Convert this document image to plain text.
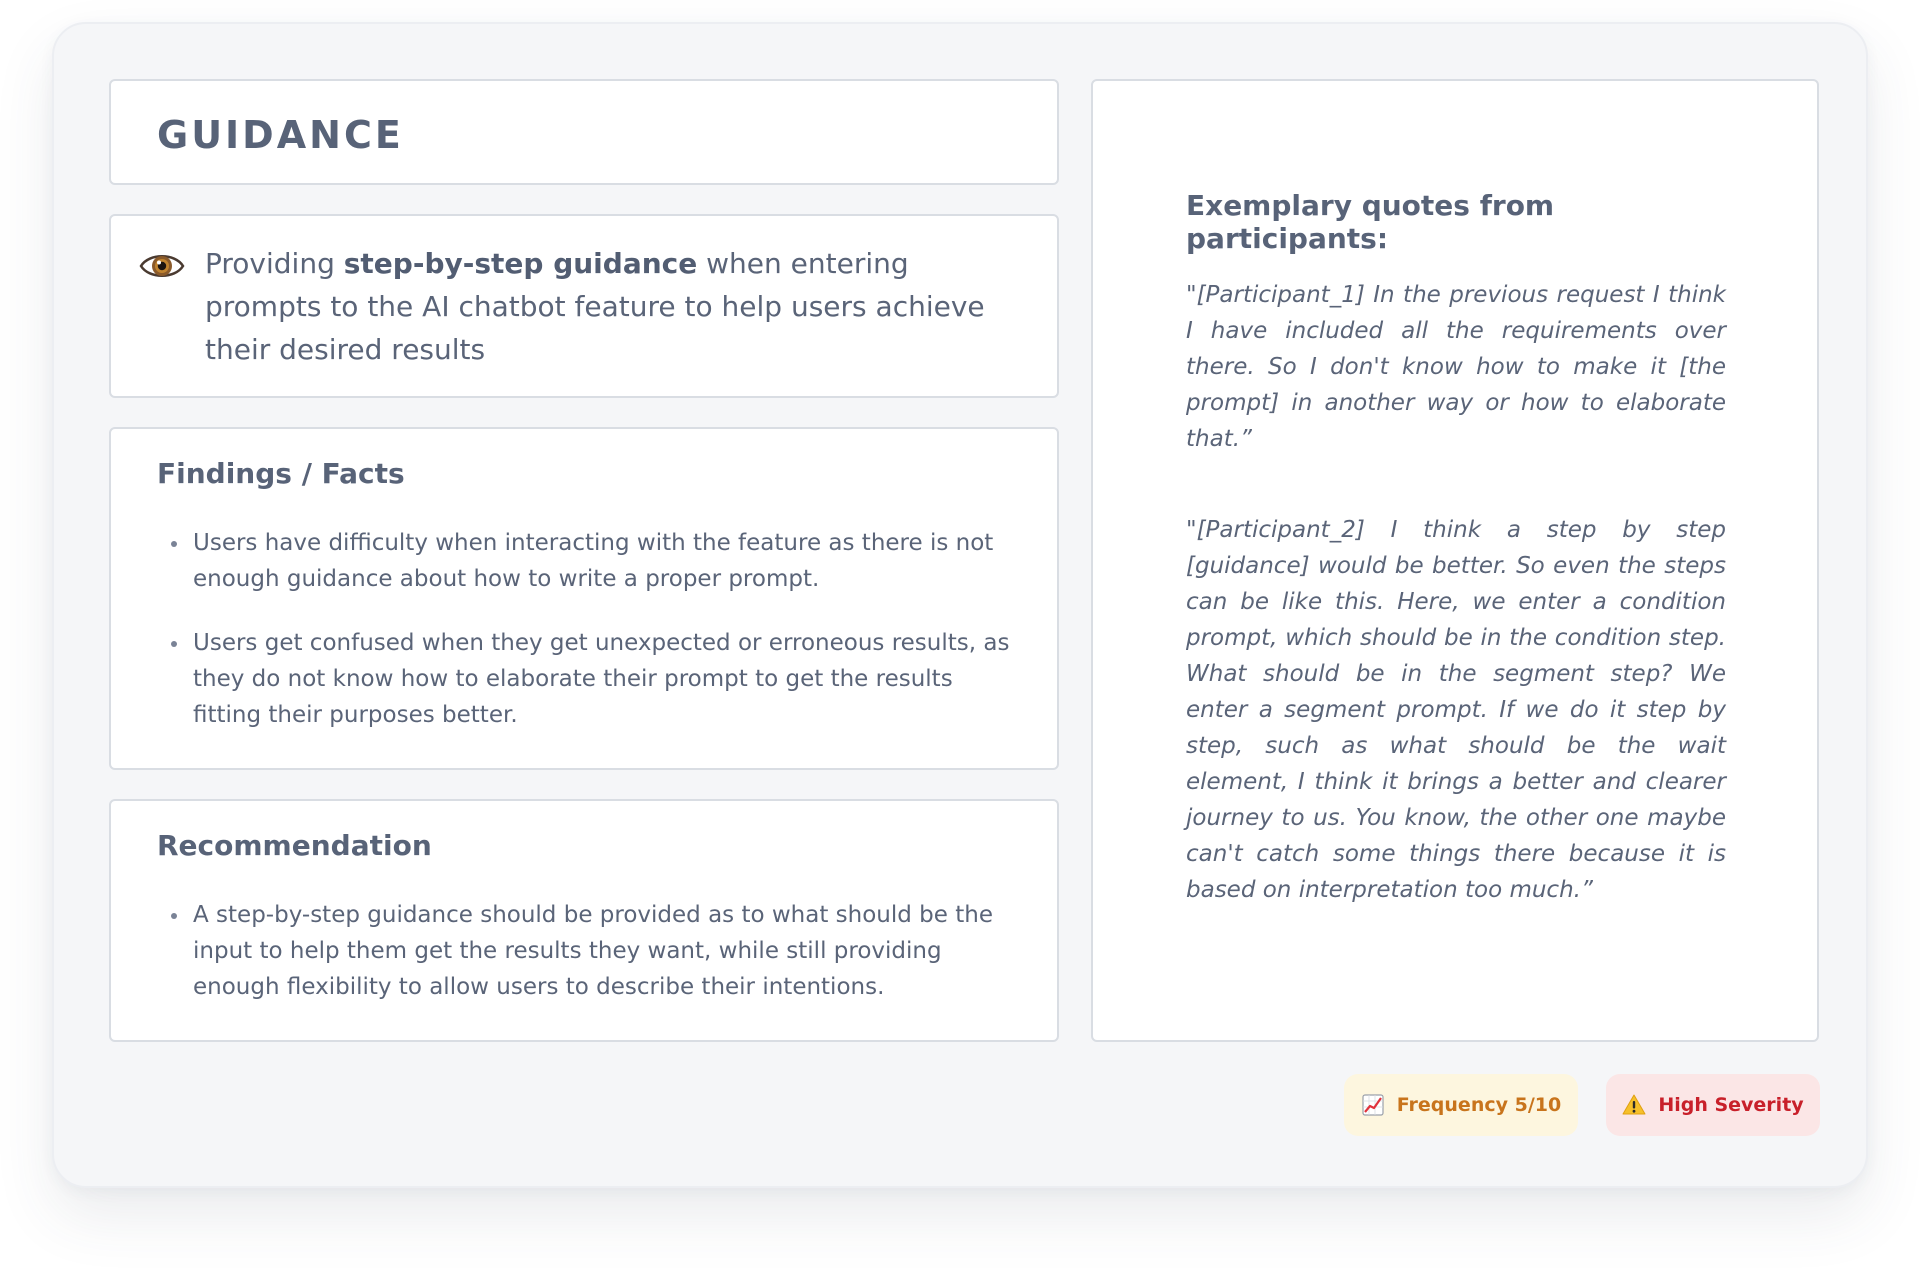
GUIDANCE
Providing step-by-step guidance when entering prompts to the AI chatbot feature to help users achieve their desired results
Findings / Facts
Users have difficulty when interacting with the feature as there is not enough guidance about how to write a proper prompt.
Users get confused when they get unexpected or erroneous results, as they do not know how to elaborate their prompt to get the results fitting their purposes better.
Recommendation
A step-by-step guidance should be provided as to what should be the input to help them get the results they want, while still providing enough flexibility to allow users to describe their intentions.
Exemplary quotes from participants:
"[Participant_1] In the previous request I think I have included all the requirements over there. So I don't know how to make it [the prompt] in another way or how to elaborate that.”
"[Participant_2] I think a step by step [guidance] would be better. So even the steps can be like this. Here, we enter a condition prompt, which should be in the condition step. What should be in the segment step? We enter a segment prompt. If we do it step by step, such as what should be the wait element, I think it brings a better and clearer journey to us. You know, the other one maybe can't catch some things there because it is based on interpretation too much.”
Frequency 5/10	High Severity
